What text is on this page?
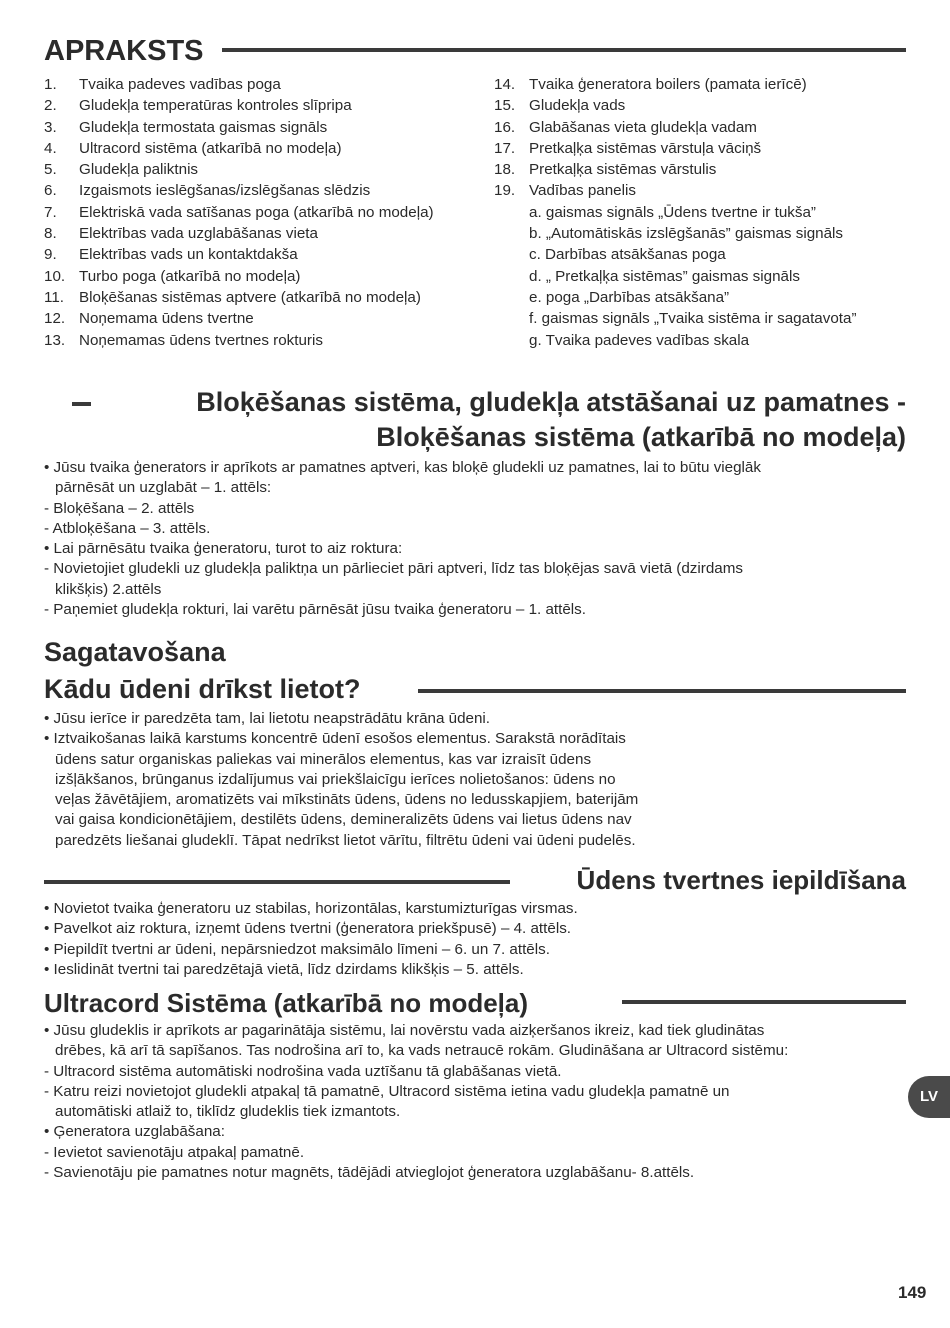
APRAKSTS
1. Tvaika padeves vadības poga
2. Gludekļa temperatūras kontroles slīpripa
3. Gludekļa termostata gaismas signāls
4. Ultracord sistēma (atkarībā no modeļa)
5. Gludekļa paliktnis
6. Izgaismots ieslēgšanas/izslēgšanas slēdzis
7. Elektriskā vada satīšanas poga (atkarībā no modeļa)
8. Elektrības vada uzglabāšanas vieta
9. Elektrības vads un kontaktdakša
10. Turbo poga (atkarībā no modeļa)
11. Bloķēšanas sistēmas aptvere (atkarībā no modeļa)
12. Noņemama ūdens tvertne
13. Noņemamas ūdens tvertnes rokturis
14. Tvaika ģeneratora boilers (pamata ierīcē)
15. Gludekļa vads
16. Glabāšanas vieta gludekļa vadam
17. Pretkaļķa sistēmas vārstuļa vāciņš
18. Pretkaļķa sistēmas vārstulis
19. Vadības panelis
a. gaismas signāls „Ūdens tvertne ir tukša”
b. „Automātiskās izslēgšanās” gaismas signāls
c. Darbības atsākšanas poga
d. „ Pretkaļķa sistēmas” gaismas signāls
e. poga „Darbības atsākšana”
f. gaismas signāls „Tvaika sistēma ir sagatavota”
g. Tvaika padeves vadības skala
Bloķēšanas sistēma, gludekļa atstāšanai uz pamatnes -
Bloķēšanas sistēma (atkarībā no modeļa)
• Jūsu tvaika ģenerators ir aprīkots ar pamatnes aptveri, kas bloķē gludekli uz pamatnes, lai to būtu vieglāk
pārnēsāt un uzglabāt – 1. attēls:
- Bloķēšana – 2. attēls
- Atbloķēšana – 3. attēls.
• Lai pārnēsātu tvaika ģeneratoru, turot to aiz roktura:
- Novietojiet gludekli uz gludekļa paliktņa un pārlieciet pāri aptveri, līdz tas bloķējas savā vietā (dzirdams
klikšķis) 2.attēls
- Paņemiet gludekļa rokturi, lai varētu pārnēsāt jūsu tvaika ģeneratoru – 1. attēls.
Sagatavošana
Kādu ūdeni drīkst lietot?
• Jūsu ierīce ir paredzēta tam, lai lietotu neapstrādātu krāna ūdeni.
• Iztvaikošanas laikā karstums koncentrē ūdenī esošos elementus. Sarakstā norādītais
ūdens satur organiskas paliekas vai minerālos elementus, kas var izraisīt ūdens
izšļākšanos, brūnganus izdalījumus vai priekšlaicīgu ierīces nolietošanos: ūdens no
veļas žāvētājiem, aromatizēts vai mīkstināts ūdens, ūdens no ledusskapjiem, baterijām
vai gaisa kondicionētājiem, destilēts ūdens, demineralizēts ūdens vai lietus ūdens nav
paredzēts liešanai gludeklī. Tāpat nedrīkst lietot vārītu, filtrētu ūdeni vai ūdeni pudelēs.
Ūdens tvertnes iepildīšana
• Novietot tvaika ģeneratoru uz stabilas, horizontālas, karstumizturīgas virsmas.
• Pavelkot aiz roktura, izņemt ūdens tvertni (ģeneratora priekšpusē) – 4. attēls.
• Piepildīt tvertni ar ūdeni, nepārsniedzot maksimālo līmeni – 6. un 7. attēls.
• Ieslidināt tvertni tai paredzētajā vietā, līdz dzirdams klikšķis – 5. attēls.
Ultracord Sistēma (atkarībā no modeļa)
• Jūsu gludeklis ir aprīkots ar pagarinātāja sistēmu, lai novērstu vada aizķeršanos ikreiz, kad tiek gludinātas
drēbes, kā arī tā sapīšanos. Tas nodrošina arī to, ka vads netraucē rokām. Gludināšana ar Ultracord sistēmu:
- Ultracord sistēma automātiski nodrošina vada uztīšanu tā glabāšanas vietā.
- Katru reizi novietojot gludekli atpakaļ tā pamatnē, Ultracord sistēma ietina vadu gludekļa pamatnē un
automātiski atlaiž to, tiklīdz gludeklis tiek izmantots.
• Ģeneratora uzglabāšana:
- Ievietot savienotāju atpakaļ pamatnē.
- Savienotāju pie pamatnes notur magnēts, tādējādi atvieglojot ģeneratora uzglabāšanu- 8.attēls.
LV
149
